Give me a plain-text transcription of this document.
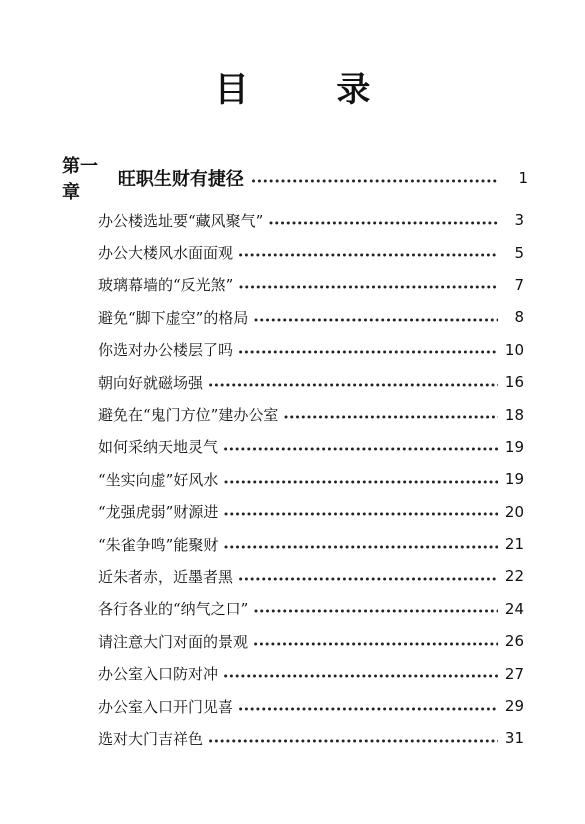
目 录
第一章
旺职生财有捷径 ● ● ● ● ● ● ● ● ● ● ● ● ● ● ● ● ● ● ● ● ● ● ● ● ● ● ● ● ● ● ● ● ● ● ● ● ● ● ● ● ● ● ● ● ● ● ● ● ● ● ● ● ● ● ● ● ● ● ● ●	1
办公楼选址要“藏风聚气” ● ● ● ● ● ● ● ● ● ● ● ● ● ● ● ● ● ● ● ● ● ● ● ● ● ● ● ● ● ● ● ● ● ● ● ● ● ● ● ● ● ● ● ● ● ● ● ● ● ● ● ● ● ● ● ● ● ● ● ●	3
办公大楼风水面面观 ● ● ● ● ● ● ● ● ● ● ● ● ● ● ● ● ● ● ● ● ● ● ● ● ● ● ● ● ● ● ● ● ● ● ● ● ● ● ● ● ● ● ● ● ● ● ● ● ● ● ● ● ● ● ● ● ● ● ● ●	5
玻璃幕墙的“反光煞” ● ● ● ● ● ● ● ● ● ● ● ● ● ● ● ● ● ● ● ● ● ● ● ● ● ● ● ● ● ● ● ● ● ● ● ● ● ● ● ● ● ● ● ● ● ● ● ● ● ● ● ● ● ● ● ● ● ● ● ●	7
避免“脚下虚空”的格局 ● ● ● ● ● ● ● ● ● ● ● ● ● ● ● ● ● ● ● ● ● ● ● ● ● ● ● ● ● ● ● ● ● ● ● ● ● ● ● ● ● ● ● ● ● ● ● ● ● ● ● ● ● ● ● ● ● ● ● ●	8
你选对办公楼层了吗 ● ● ● ● ● ● ● ● ● ● ● ● ● ● ● ● ● ● ● ● ● ● ● ● ● ● ● ● ● ● ● ● ● ● ● ● ● ● ● ● ● ● ● ● ● ● ● ● ● ● ● ● ● ● ● ● ● ● ● ●	10
朝向好就磁场强 ● ● ● ● ● ● ● ● ● ● ● ● ● ● ● ● ● ● ● ● ● ● ● ● ● ● ● ● ● ● ● ● ● ● ● ● ● ● ● ● ● ● ● ● ● ● ● ● ● ● ● ● ● ● ● ● ● ● ● ●	16
避免在“鬼门方位”建办公室 ● ● ● ● ● ● ● ● ● ● ● ● ● ● ● ● ● ● ● ● ● ● ● ● ● ● ● ● ● ● ● ● ● ● ● ● ● ● ● ● ● ● ● ● ● ● ● ● ● ● ● ● ● ● ● ● ● ● ● ●	18
如何采纳天地灵气 ● ● ● ● ● ● ● ● ● ● ● ● ● ● ● ● ● ● ● ● ● ● ● ● ● ● ● ● ● ● ● ● ● ● ● ● ● ● ● ● ● ● ● ● ● ● ● ● ● ● ● ● ● ● ● ● ● ● ● ●	19
“坐实向虚”好风水 ● ● ● ● ● ● ● ● ● ● ● ● ● ● ● ● ● ● ● ● ● ● ● ● ● ● ● ● ● ● ● ● ● ● ● ● ● ● ● ● ● ● ● ● ● ● ● ● ● ● ● ● ● ● ● ● ● ● ● ●	19
“龙强虎弱”财源进 ● ● ● ● ● ● ● ● ● ● ● ● ● ● ● ● ● ● ● ● ● ● ● ● ● ● ● ● ● ● ● ● ● ● ● ● ● ● ● ● ● ● ● ● ● ● ● ● ● ● ● ● ● ● ● ● ● ● ● ●	20
“朱雀争鸣”能聚财 ● ● ● ● ● ● ● ● ● ● ● ● ● ● ● ● ● ● ● ● ● ● ● ● ● ● ● ● ● ● ● ● ● ● ● ● ● ● ● ● ● ● ● ● ● ● ● ● ● ● ● ● ● ● ● ● ● ● ● ●	21
近朱者赤，近墨者黑 ● ● ● ● ● ● ● ● ● ● ● ● ● ● ● ● ● ● ● ● ● ● ● ● ● ● ● ● ● ● ● ● ● ● ● ● ● ● ● ● ● ● ● ● ● ● ● ● ● ● ● ● ● ● ● ● ● ● ● ●	22
各行各业的“纳气之口” ● ● ● ● ● ● ● ● ● ● ● ● ● ● ● ● ● ● ● ● ● ● ● ● ● ● ● ● ● ● ● ● ● ● ● ● ● ● ● ● ● ● ● ● ● ● ● ● ● ● ● ● ● ● ● ● ● ● ● ●	24
请注意大门对面的景观 ● ● ● ● ● ● ● ● ● ● ● ● ● ● ● ● ● ● ● ● ● ● ● ● ● ● ● ● ● ● ● ● ● ● ● ● ● ● ● ● ● ● ● ● ● ● ● ● ● ● ● ● ● ● ● ● ● ● ● ●	26
办公室入口防对冲 ● ● ● ● ● ● ● ● ● ● ● ● ● ● ● ● ● ● ● ● ● ● ● ● ● ● ● ● ● ● ● ● ● ● ● ● ● ● ● ● ● ● ● ● ● ● ● ● ● ● ● ● ● ● ● ● ● ● ● ●	27
办公室入口开门见喜 ● ● ● ● ● ● ● ● ● ● ● ● ● ● ● ● ● ● ● ● ● ● ● ● ● ● ● ● ● ● ● ● ● ● ● ● ● ● ● ● ● ● ● ● ● ● ● ● ● ● ● ● ● ● ● ● ● ● ● ●	29
选对大门吉祥色 ● ● ● ● ● ● ● ● ● ● ● ● ● ● ● ● ● ● ● ● ● ● ● ● ● ● ● ● ● ● ● ● ● ● ● ● ● ● ● ● ● ● ● ● ● ● ● ● ● ● ● ● ● ● ● ● ● ● ● ●	31
